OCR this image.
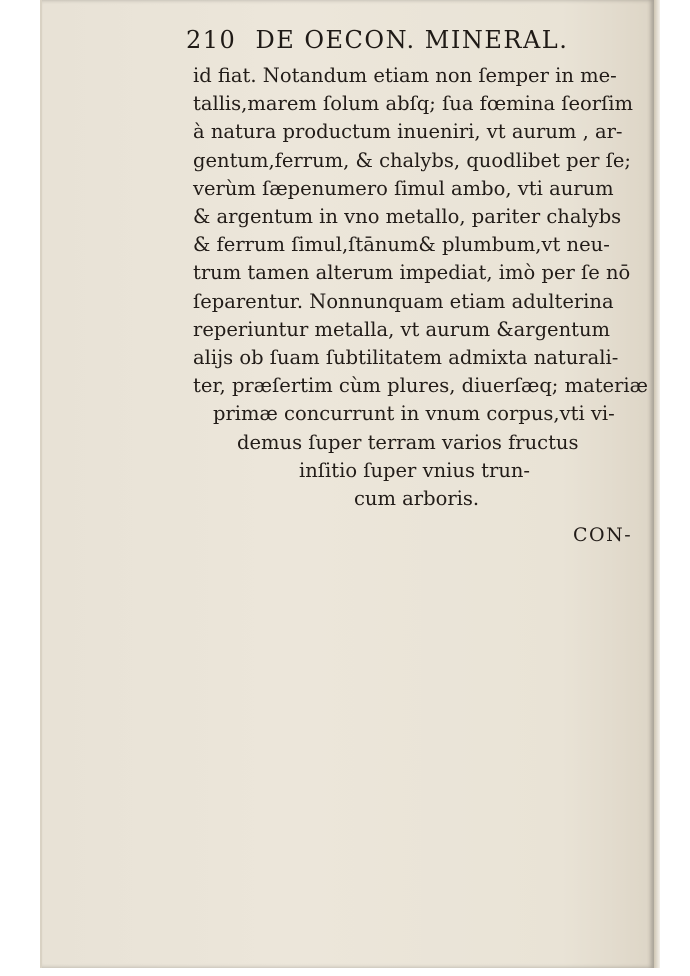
210 DE OECON. MINERAL.
id fiat. Notandum etiam non ſemper in me-
tallis,marem ſolum abſq; ſua fœmina ſeorſim
à natura productum inueniri, vt aurum , ar-
gentum,ferrum, & chalybs, quodlibet per ſe;
verùm ſæpenumero ſimul ambo, vti aurum
& argentum in vno metallo, pariter chalybs
& ferrum ſimul,ſtānum& plumbum,vt neu-
trum tamen alterum impediat, imò per ſe nō
ſeparentur. Nonnunquam etiam adulterina
reperiuntur metalla, vt aurum &argentum
alijs ob ſuam ſubtilitatem admixta naturali-
ter, præſertim cùm plures, diuerſæq; materiæ
primæ concurrunt in vnum corpus,vti vi-
demus ſuper terram varios fructus
inſitio ſuper vnius trun-
cum arboris.
CON-
